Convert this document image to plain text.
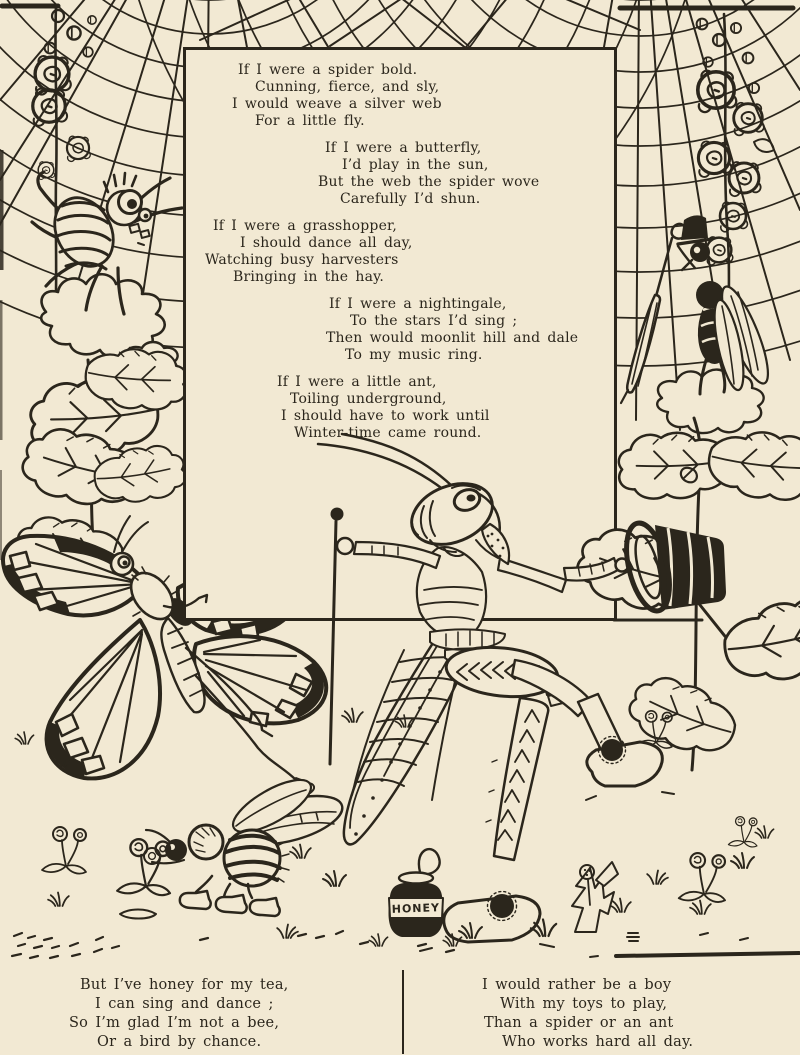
If I were a spider bold.
Cunning, fierce, and sly,
I would weave a silver web
For a little fly.
If I were a butterfly,
I’d play in the sun,
But the web the spider wove
Carefully I’d shun.
If I were a grasshopper,
I should dance all day,
Watching busy harvesters
Bringing in the hay.
If I were a nightingale,
To the stars I’d sing ;
Then would moonlit hill and dale
To my music ring.
If I were a little ant,
Toiling underground,
I should have to work until
Winter-time came round.
HONEY
But I’ve honey for my tea,
I can sing and dance ;
So I’m glad I’m not a bee,
Or a bird by chance.
I would rather be a boy
With my toys to play,
Than a spider or an ant
Who works hard all day.
